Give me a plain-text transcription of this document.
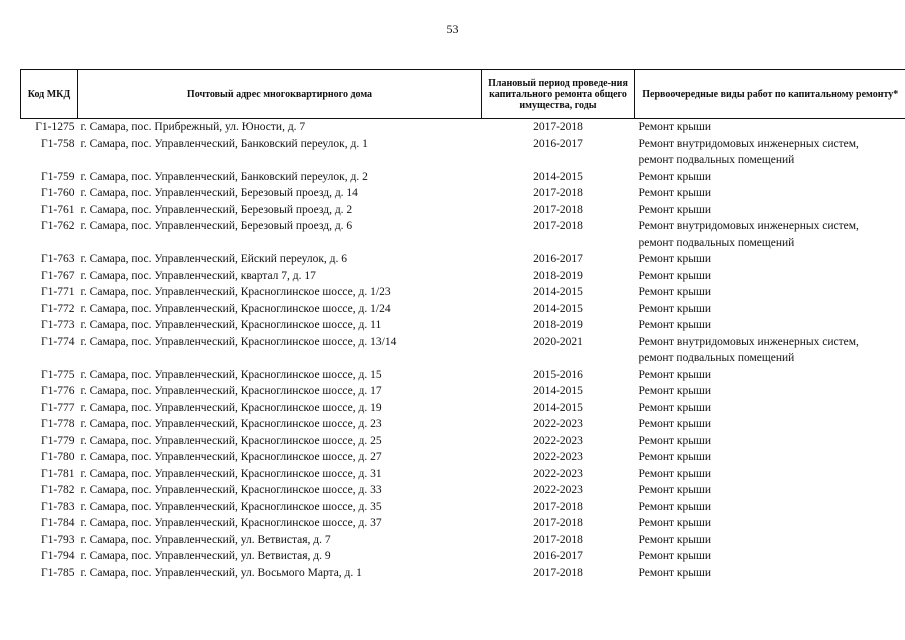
53
Код МКД	Почтовый адрес многоквартирного дома	Плановый период проведе-ния капитального ремонта общего имущества, годы	Первоочередные виды работ по капитальному ремонту*
Г1-1275	г. Самара, пос. Прибрежный, ул. Юности, д. 7	2017-2018	Ремонт крыши

Г1-758	г. Самара, пос. Управленческий, Банковский переулок, д. 1	2016-2017	Ремонт внутридомовых инженерных систем,
ремонт подвальных помещений

Г1-759	г. Самара, пос. Управленческий, Банковский переулок, д. 2	2014-2015	Ремонт крыши

Г1-760	г. Самара, пос. Управленческий, Березовый проезд, д. 14	2017-2018	Ремонт крыши

Г1-761	г. Самара, пос. Управленческий, Березовый проезд, д. 2	2017-2018	Ремонт крыши

Г1-762	г. Самара, пос. Управленческий, Березовый проезд, д. 6	2017-2018	Ремонт внутридомовых инженерных систем,
ремонт подвальных помещений

Г1-763	г. Самара, пос. Управленческий, Ейский переулок, д. 6	2016-2017	Ремонт крыши

Г1-767	г. Самара, пос. Управленческий, квартал 7, д. 17	2018-2019	Ремонт крыши

Г1-771	г. Самара, пос. Управленческий, Красноглинское шоссе, д. 1/23	2014-2015	Ремонт крыши

Г1-772	г. Самара, пос. Управленческий, Красноглинское шоссе, д. 1/24	2014-2015	Ремонт крыши

Г1-773	г. Самара, пос. Управленческий, Красноглинское шоссе, д. 11	2018-2019	Ремонт крыши

Г1-774	г. Самара, пос. Управленческий, Красноглинское шоссе, д. 13/14	2020-2021	Ремонт внутридомовых инженерных систем,
ремонт подвальных помещений

Г1-775	г. Самара, пос. Управленческий, Красноглинское шоссе, д. 15	2015-2016	Ремонт крыши

Г1-776	г. Самара, пос. Управленческий, Красноглинское шоссе, д. 17	2014-2015	Ремонт крыши

Г1-777	г. Самара, пос. Управленческий, Красноглинское шоссе, д. 19	2014-2015	Ремонт крыши

Г1-778	г. Самара, пос. Управленческий, Красноглинское шоссе, д. 23	2022-2023	Ремонт крыши

Г1-779	г. Самара, пос. Управленческий, Красноглинское шоссе, д. 25	2022-2023	Ремонт крыши

Г1-780	г. Самара, пос. Управленческий, Красноглинское шоссе, д. 27	2022-2023	Ремонт крыши

Г1-781	г. Самара, пос. Управленческий, Красноглинское шоссе, д. 31	2022-2023	Ремонт крыши

Г1-782	г. Самара, пос. Управленческий, Красноглинское шоссе, д. 33	2022-2023	Ремонт крыши

Г1-783	г. Самара, пос. Управленческий, Красноглинское шоссе, д. 35	2017-2018	Ремонт крыши

Г1-784	г. Самара, пос. Управленческий, Красноглинское шоссе, д. 37	2017-2018	Ремонт крыши

Г1-793	г. Самара, пос. Управленческий, ул. Ветвистая, д. 7	2017-2018	Ремонт крыши

Г1-794	г. Самара, пос. Управленческий, ул. Ветвистая, д. 9	2016-2017	Ремонт крыши

Г1-785	г. Самара, пос. Управленческий, ул. Восьмого Марта, д. 1	2017-2018	Ремонт крыши
